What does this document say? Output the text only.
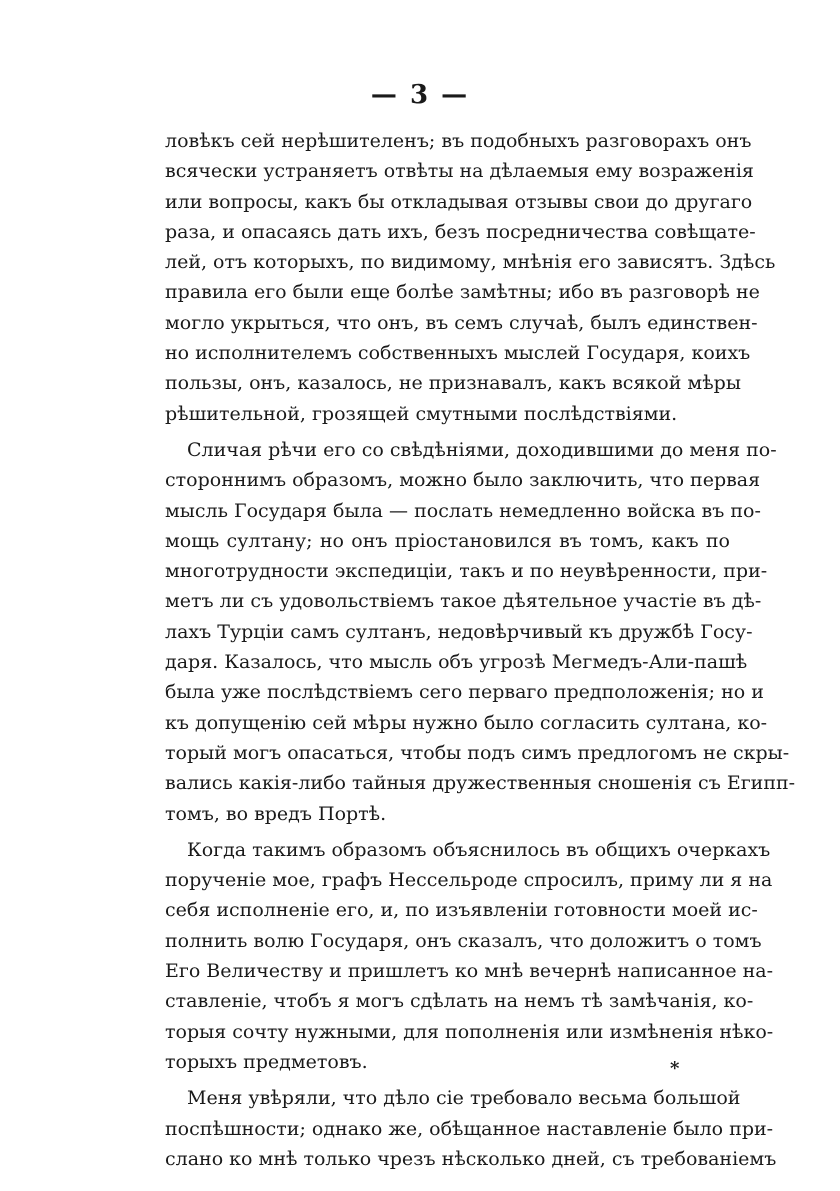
— 3 —
ловѣкъ сей нерѣшителенъ; въ подобныхъ разговорахъ онъ
всячески устраняетъ отвѣты на дѣлаемыя ему возраженія
или вопросы, какъ бы откладывая отзывы свои до другаго
раза, и опасаясь дать ихъ, безъ посредничества совѣщате-
лей, отъ которыхъ, по видимому, мнѣнія его зависятъ. Здѣсь
правила его были еще болѣе замѣтны; ибо въ разговорѣ не
могло укрыться, что онъ, въ семъ случаѣ, былъ единствен-
но исполнителемъ собственныхъ мыслей Государя, коихъ
пользы, онъ, казалось, не признавалъ, какъ всякой мѣры
рѣшительной, грозящей смутными послѣдствіями.
Сличая рѣчи его со свѣдѣніями, доходившими до меня по-
стороннимъ образомъ, можно было заключить, что первая
мысль Государя была — послать немедленно войска въ по-
мощь султану; но онъ пріостановился въ томъ, какъ по
многотрудности экспедиціи, такъ и по неувѣренности, при-
метъ ли съ удовольствіемъ такое дѣятельное участіе въ дѣ-
лахъ Турціи самъ султанъ, недовѣрчивый къ дружбѣ Госу-
даря. Казалось, что мысль объ угрозѣ Мегмедъ-Али-пашѣ
была уже послѣдствіемъ сего перваго предположенія; но и
къ допущенію сей мѣры нужно было согласить султана, ко-
торый могъ опасаться, чтобы подъ симъ предлогомъ не скры-
вались какія-либо тайныя дружественныя сношенія съ Египп-
томъ, во вредъ Портѣ.
Когда такимъ образомъ объяснилось въ общихъ очеркахъ
порученіе мое, графъ Нессельроде спросилъ, приму ли я на
себя исполненіе его, и, по изъявленіи готовности моей ис-
полнить волю Государя, онъ сказалъ, что доложитъ о томъ
Его Величеству и пришлетъ ко мнѣ вечернѣ написанное на-
ставленіе, чтобъ я могъ сдѣлать на немъ тѣ замѣчанія, ко-
торыя сочту нужными, для пополненія или измѣненія нѣко-
торыхъ предметовъ.
Меня увѣряли, что дѣло сіе требовало весьма большой
поспѣшности; однако же, обѣщанное наставленіе было при-
слано ко мнѣ только чрезъ нѣсколько дней, съ требованіемъ
*
